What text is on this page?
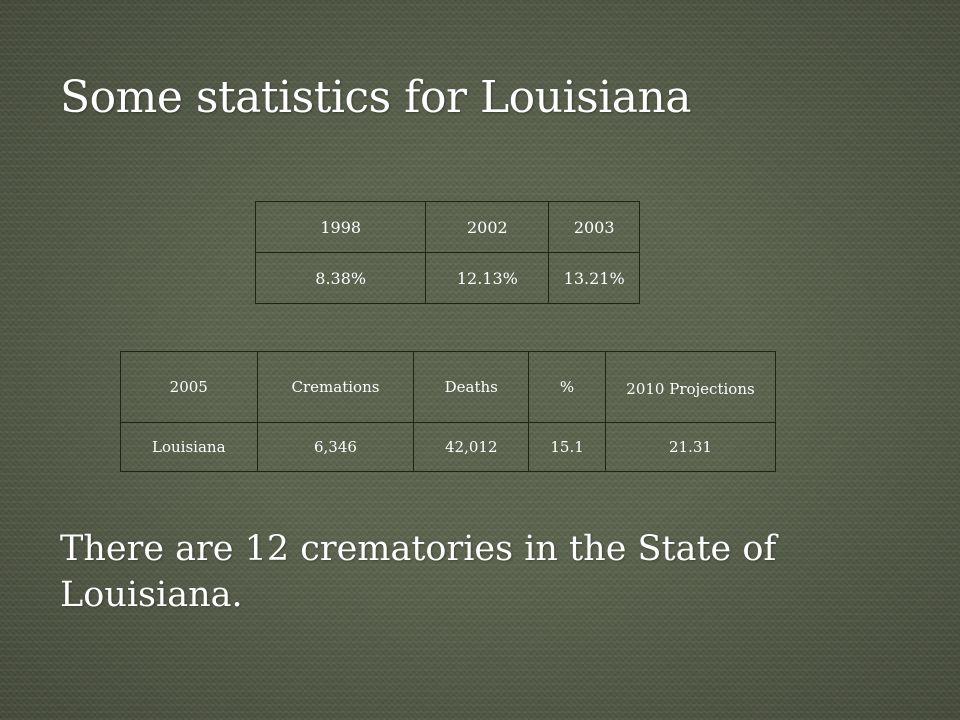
Some statistics for Louisiana
1998	2002	2003
8.38%	12.13%	13.21%
2005	Cremations	Deaths	%	2010 Projections
Louisiana	6,346	42,012	15.1	21.31

There are 12 crematories in the State of Louisiana.
